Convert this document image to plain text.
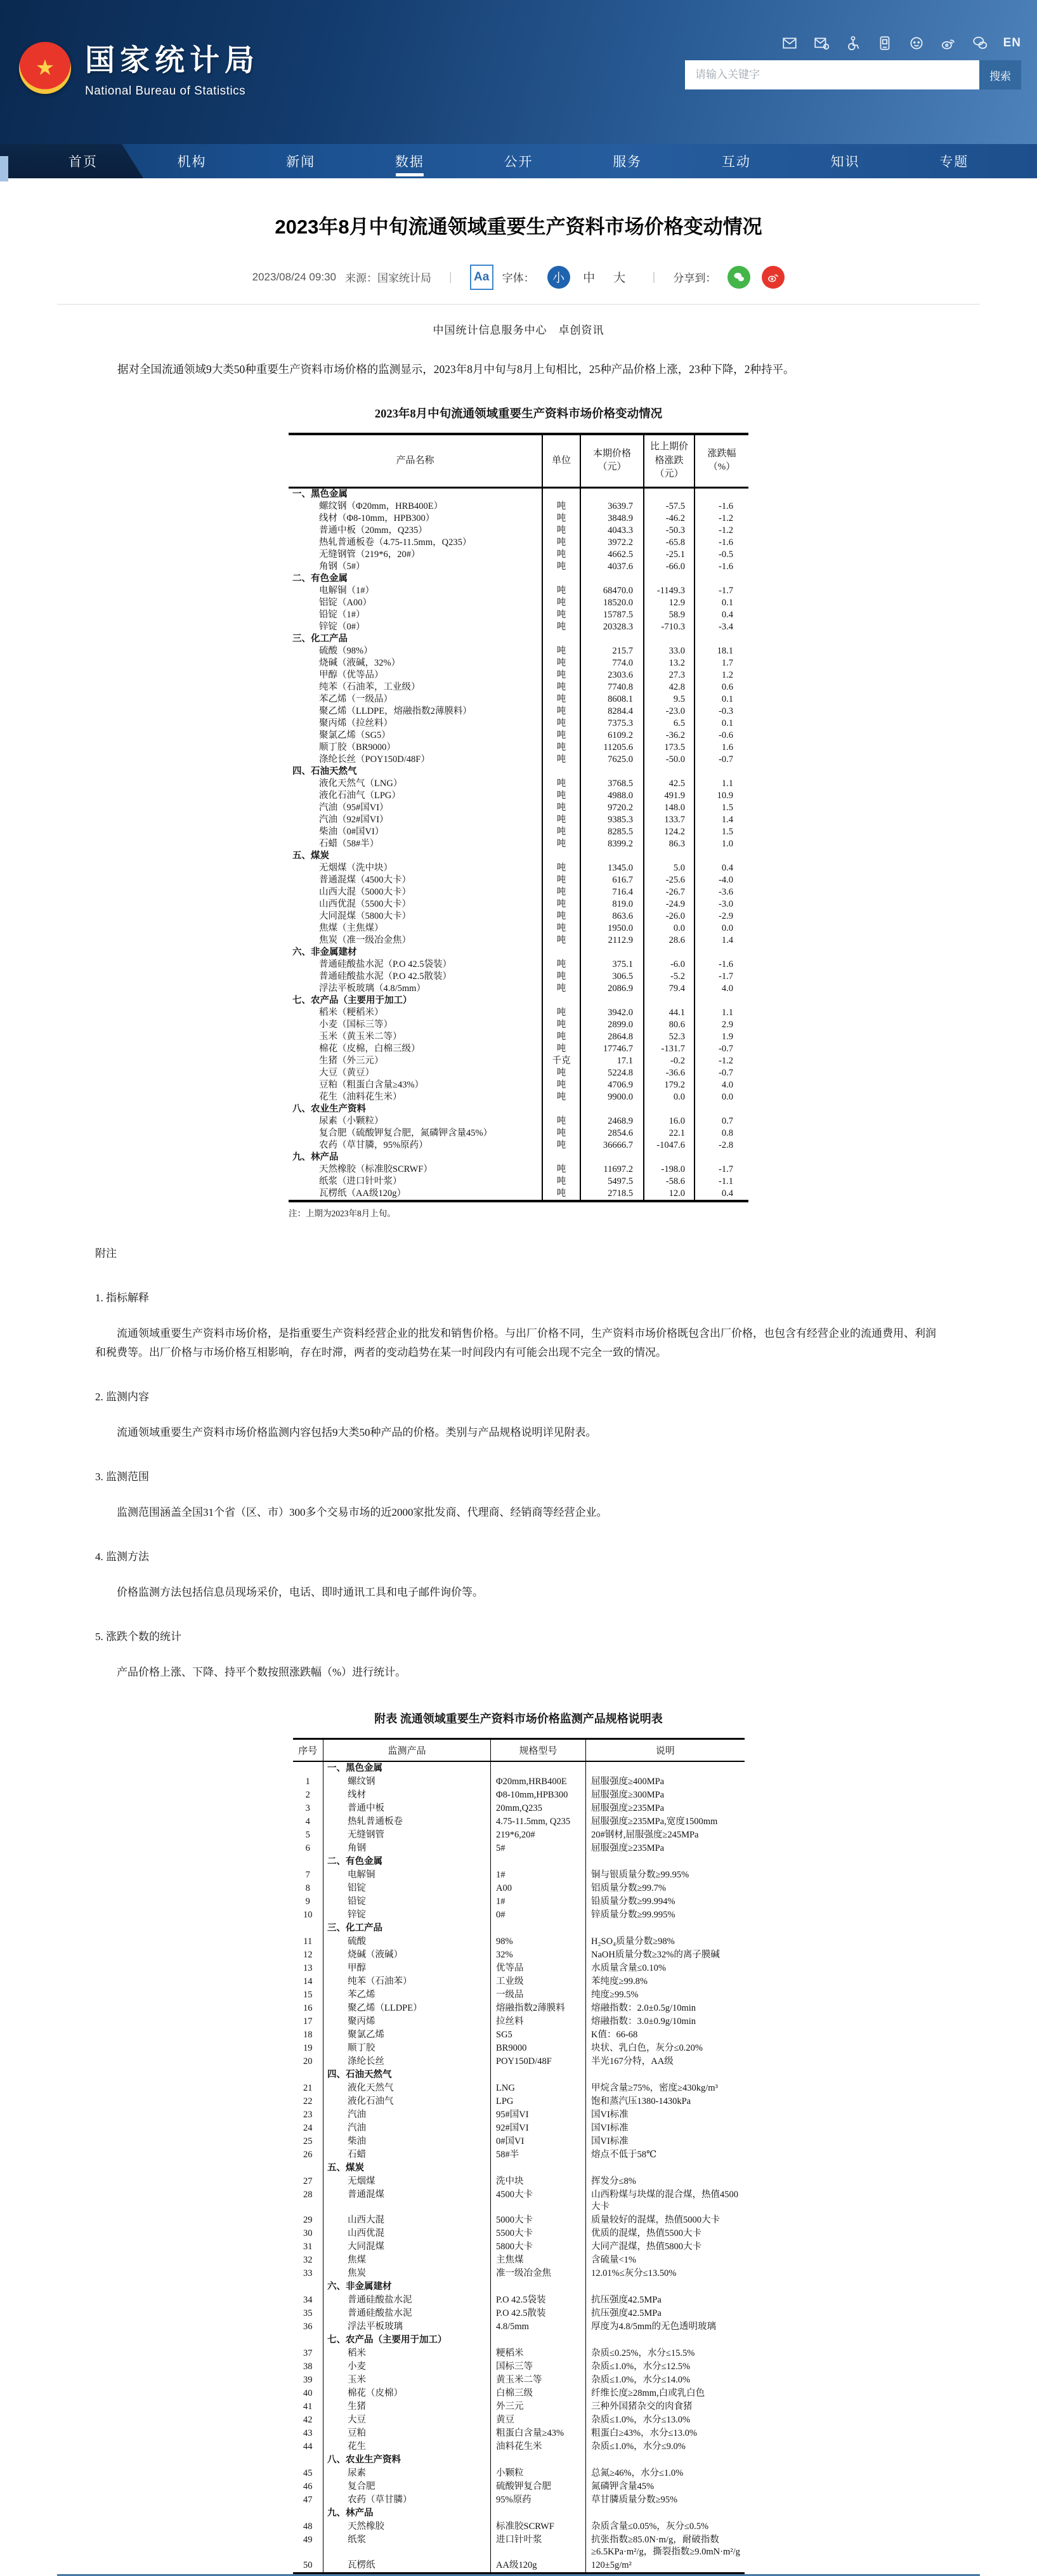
★	国家统计局
National Bureau of Statistics
EN
请输入关键字
搜索
首页	机构	新闻	数据	公开	服务	互动	知识	专题
2023年8月中旬流通领域重要生产资料市场价格变动情况
2023/08/24 09:30 来源：国家统计局 |	Aa	字体：	小 中 大	| 分享到：
中国统计信息服务中心　卓创资讯

据对全国流通领域9大类50种重要生产资料市场价格的监测显示，2023年8月中旬与8月上旬相比，25种产品价格上涨，23种下降，2种持平。

2023年8月中旬流通领域重要生产资料市场价格变动情况
产品名称	单位	本期价格（元）	比上期价格涨跌（元）	涨跌幅（%）
一、黑色金属				
螺纹钢（Φ20mm，HRB400E）	吨	3639.7	-57.5	-1.6
线材（Φ8-10mm，HPB300）	吨	3848.9	-46.2	-1.2
普通中板（20mm，Q235）	吨	4043.3	-50.3	-1.2
热轧普通板卷（4.75-11.5mm，Q235）	吨	3972.2	-65.8	-1.6
无缝钢管（219*6，20#）	吨	4662.5	-25.1	-0.5
角钢（5#）	吨	4037.6	-66.0	-1.6
二、有色金属				
电解铜（1#）	吨	68470.0	-1149.3	-1.7
铝锭（A00）	吨	18520.0	12.9	0.1
铅锭（1#）	吨	15787.5	58.9	0.4
锌锭（0#）	吨	20328.3	-710.3	-3.4
三、化工产品				
硫酸（98%）	吨	215.7	33.0	18.1
烧碱（液碱，32%）	吨	774.0	13.2	1.7
甲醇（优等品）	吨	2303.6	27.3	1.2
纯苯（石油苯，工业级）	吨	7740.8	42.8	0.6
苯乙烯（一级品）	吨	8608.1	9.5	0.1
聚乙烯（LLDPE，熔融指数2薄膜料）	吨	8284.4	-23.0	-0.3
聚丙烯（拉丝料）	吨	7375.3	6.5	0.1
聚氯乙烯（SG5）	吨	6109.2	-36.2	-0.6
顺丁胶（BR9000）	吨	11205.6	173.5	1.6
涤纶长丝（POY150D/48F）	吨	7625.0	-50.0	-0.7
四、石油天然气				
液化天然气（LNG）	吨	3768.5	42.5	1.1
液化石油气（LPG）	吨	4988.0	491.9	10.9
汽油（95#国VI）	吨	9720.2	148.0	1.5
汽油（92#国VI）	吨	9385.3	133.7	1.4
柴油（0#国VI）	吨	8285.5	124.2	1.5
石蜡（58#半）	吨	8399.2	86.3	1.0
五、煤炭				
无烟煤（洗中块）	吨	1345.0	5.0	0.4
普通混煤（4500大卡）	吨	616.7	-25.6	-4.0
山西大混（5000大卡）	吨	716.4	-26.7	-3.6
山西优混（5500大卡）	吨	819.0	-24.9	-3.0
大同混煤（5800大卡）	吨	863.6	-26.0	-2.9
焦煤（主焦煤）	吨	1950.0	0.0	0.0
焦炭（准一级冶金焦）	吨	2112.9	28.6	1.4
六、非金属建材				
普通硅酸盐水泥（P.O 42.5袋装）	吨	375.1	-6.0	-1.6
普通硅酸盐水泥（P.O 42.5散装）	吨	306.5	-5.2	-1.7
浮法平板玻璃（4.8/5mm）	吨	2086.9	79.4	4.0
七、农产品（主要用于加工）				
稻米（粳稻米）	吨	3942.0	44.1	1.1
小麦（国标三等）	吨	2899.0	80.6	2.9
玉米（黄玉米二等）	吨	2864.8	52.3	1.9
棉花（皮棉，白棉三级）	吨	17746.7	-131.7	-0.7
生猪（外三元）	千克	17.1	-0.2	-1.2
大豆（黄豆）	吨	5224.8	-36.6	-0.7
豆粕（粗蛋白含量≥43%）	吨	4706.9	179.2	4.0
花生（油料花生米）	吨	9900.0	0.0	0.0
八、农业生产资料				
尿素（小颗粒）	吨	2468.9	16.0	0.7
复合肥（硫酸钾复合肥，氮磷钾含量45%）	吨	2854.6	22.1	0.8
农药（草甘膦，95%原药）	吨	36666.7	-1047.6	-2.8
九、林产品				
天然橡胶（标准胶SCRWF）	吨	11697.2	-198.0	-1.7
纸浆（进口针叶浆）	吨	5497.5	-58.6	-1.1
瓦楞纸（AA级120g）	吨	2718.5	12.0	0.4
注：上期为2023年8月上旬。
附注
1. 指标解释
流通领域重要生产资料市场价格，是指重要生产资料经营企业的批发和销售价格。与出厂价格不同，生产资料市场价格既包含出厂价格，也包含有经营企业的流通费用、利润和税费等。出厂价格与市场价格互相影响，存在时滞，两者的变动趋势在某一时间段内有可能会出现不完全一致的情况。
2. 监测内容
流通领域重要生产资料市场价格监测内容包括9大类50种产品的价格。类别与产品规格说明详见附表。
3. 监测范围
监测范围涵盖全国31个省（区、市）300多个交易市场的近2000家批发商、代理商、经销商等经营企业。
4. 监测方法
价格监测方法包括信息员现场采价，电话、即时通讯工具和电子邮件询价等。
5. 涨跌个数的统计
产品价格上涨、下降、持平个数按照涨跌幅（%）进行统计。
附表 流通领域重要生产资料市场价格监测产品规格说明表
序号	监测产品	规格型号	说明
	一、黑色金属		
1	螺纹钢	Φ20mm,HRB400E	屈服强度≥400MPa
2	线材	Φ8-10mm,HPB300	屈服强度≥300MPa
3	普通中板	20mm,Q235	屈服强度≥235MPa
4	热轧普通板卷	4.75-11.5mm, Q235	屈服强度≥235MPa,宽度1500mm
5	无缝钢管	219*6,20#	20#钢材,屈服强度≥245MPa
6	角钢	5#	屈服强度≥235MPa
	二、有色金属		
7	电解铜	1#	铜与银质量分数≥99.95%
8	铝锭	A00	铝质量分数≥99.7%
9	铅锭	1#	铅质量分数≥99.994%
10	锌锭	0#	锌质量分数≥99.995%
	三、化工产品		
11	硫酸	98%	H₂SO₄质量分数≥98%
12	烧碱（液碱）	32%	NaOH质量分数≥32%的离子膜碱
13	甲醇	优等品	水质量含量≤0.10%
14	纯苯（石油苯）	工业级	苯纯度≥99.8%
15	苯乙烯	一级品	纯度≥99.5%
16	聚乙烯（LLDPE）	熔融指数2薄膜料	熔融指数：2.0±0.5g/10min
17	聚丙烯	拉丝料	熔融指数：3.0±0.9g/10min
18	聚氯乙烯	SG5	K值：66-68
19	顺丁胶	BR9000	块状、乳白色，灰分≤0.20%
20	涤纶长丝	POY150D/48F	半光167分特，AA级
	四、石油天然气		
21	液化天然气	LNG	甲烷含量≥75%，密度≥430kg/m³
22	液化石油气	LPG	饱和蒸汽压1380-1430kPa
23	汽油	95#国VI	国VI标准
24	汽油	92#国VI	国VI标准
25	柴油	0#国VI	国VI标准
26	石蜡	58#半	熔点不低于58℃
	五、煤炭		
27	无烟煤	洗中块	挥发分≤8%
28	普通混煤	4500大卡	山西粉煤与块煤的混合煤，热值4500大卡
29	山西大混	5000大卡	质量较好的混煤，热值5000大卡
30	山西优混	5500大卡	优质的混煤，热值5500大卡
31	大同混煤	5800大卡	大同产混煤，热值5800大卡
32	焦煤	主焦煤	含硫量<1%
33	焦炭	准一级冶金焦	12.01%≤灰分≤13.50%
	六、非金属建材		
34	普通硅酸盐水泥	P.O 42.5袋装	抗压强度42.5MPa
35	普通硅酸盐水泥	P.O 42.5散装	抗压强度42.5MPa
36	浮法平板玻璃	4.8/5mm	厚度为4.8/5mm的无色透明玻璃
	七、农产品（主要用于加工）		
37	稻米	粳稻米	杂质≤0.25%，水分≤15.5%
38	小麦	国标三等	杂质≤1.0%，水分≤12.5%
39	玉米	黄玉米二等	杂质≤1.0%，水分≤14.0%
40	棉花（皮棉）	白棉三级	纤维长度≥28mm,白或乳白色
41	生猪	外三元	三种外国猪杂交的肉食猪
42	大豆	黄豆	杂质≤1.0%，水分≤13.0%
43	豆粕	粗蛋白含量≥43%	粗蛋白≥43%，水分≤13.0%
44	花生	油料花生米	杂质≤1.0%，水分≤9.0%
	八、农业生产资料		
45	尿素	小颗粒	总氮≥46%，水分≤1.0%
46	复合肥	硫酸钾复合肥	氮磷钾含量45%
47	农药（草甘膦）	95%原药	草甘膦质量分数≥95%
	九、林产品		
48	天然橡胶	标准胶SCRWF	杂质含量≤0.05%，灰分≤0.5%
49	纸浆	进口针叶浆	抗张指数≥85.0N·m/g，耐破指数≥6.5KPa·m²/g，撕裂指数≥9.0mN·m²/g
50	瓦楞纸	AA级120g	120±5g/m²
